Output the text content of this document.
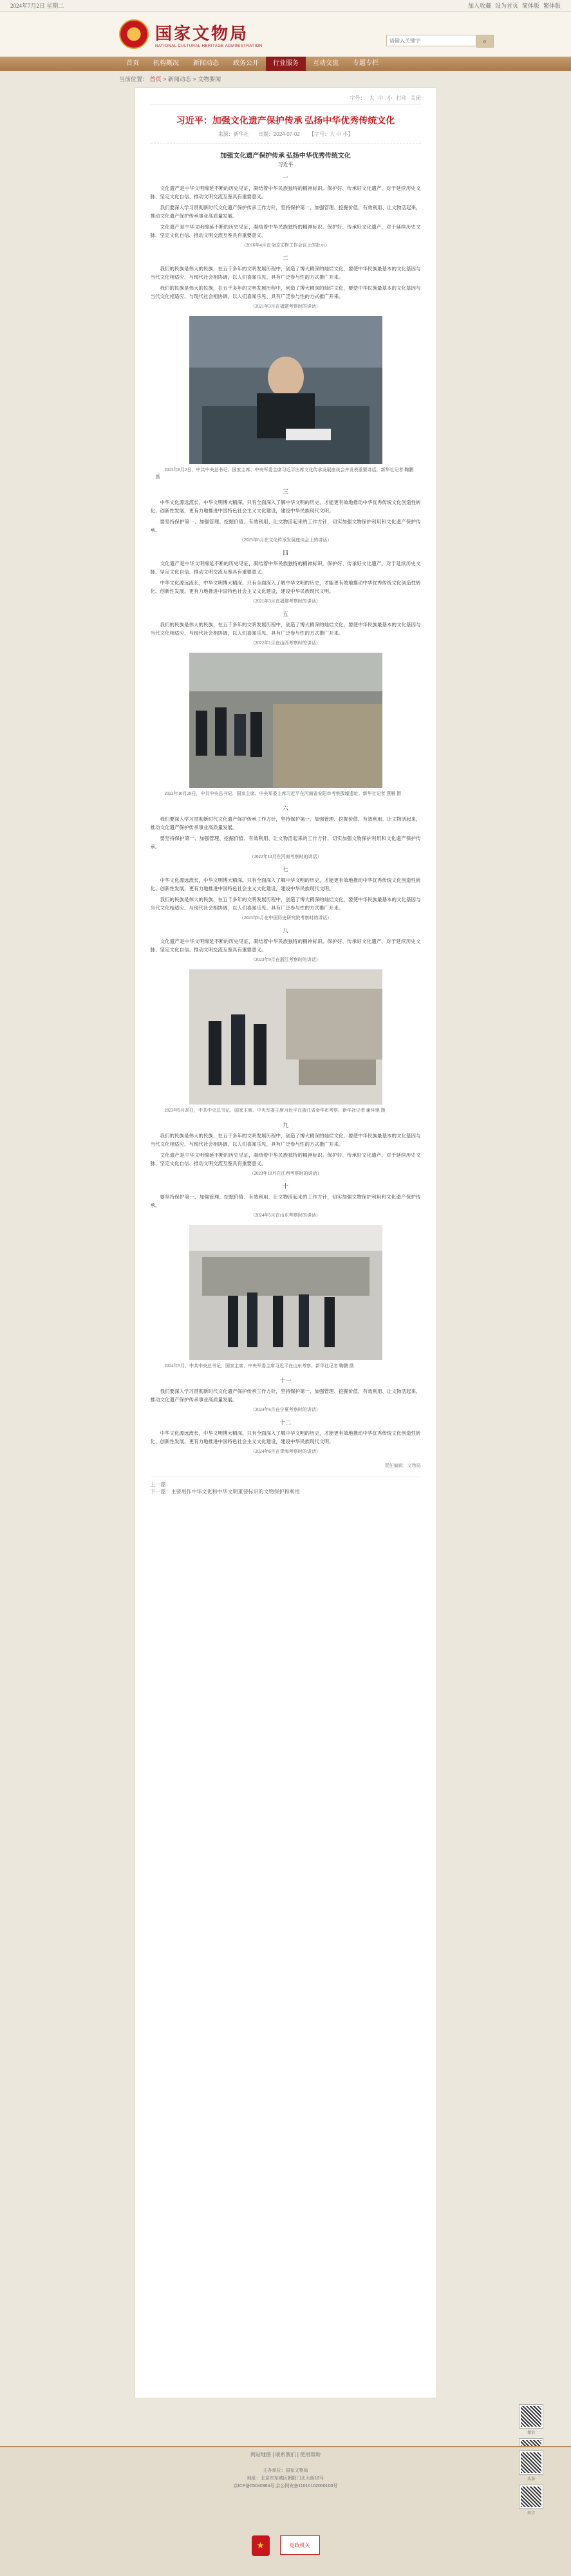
2024年7月2日 星期二	加入收藏 设为首页 简体版 繁体版
★ 国家文物局
NATIONAL CULTURAL HERITAGE ADMINISTRATION
请输入关键字
⌕
首页	机构概况	新闻动态	政务公开	行业服务	互动交流	专题专栏
当前位置： 首页 > 新闻动态 > 文物要闻
字号： 大 中 小 打印 关闭
习近平：加强文化遗产保护传承 弘扬中华优秀传统文化
来源：新华社 日期：2024-07-02 【字号：大 中 小】
加强文化遗产保护传承 弘扬中华优秀传统文化
习近平
一

文化遗产是中华文明绵延不断的历史见证，凝结着中华民族独特的精神标识。保护好、传承好文化遗产，对于延续历史文脉、坚定文化自信、推动文明交流互鉴具有重要意义。

我们要深入学习贯彻新时代文化遗产保护传承工作方针，坚持保护第一、加强管理、挖掘价值、有效利用、让文物活起来，推动文化遗产保护传承事业高质量发展。

文化遗产是中华文明绵延不断的历史见证，凝结着中华民族独特的精神标识。保护好、传承好文化遗产，对于延续历史文脉、坚定文化自信、推动文明交流互鉴具有重要意义。

（2016年4月在全国文物工作会议上的批示）
二

我们的民族是伟大的民族，在五千多年的文明发展历程中，创造了博大精深的灿烂文化，要使中华民族最基本的文化基因与当代文化相适应、与现代社会相协调，以人们喜闻乐见、具有广泛参与性的方式推广开来。

我们的民族是伟大的民族，在五千多年的文明发展历程中，创造了博大精深的灿烂文化，要使中华民族最基本的文化基因与当代文化相适应、与现代社会相协调，以人们喜闻乐见、具有广泛参与性的方式推广开来。

（2021年3月在福建考察时的讲话）

2023年6月2日，中共中央总书记、国家主席、中央军委主席习近平出席文化传承发展座谈会并发表重要讲话。新华社记者 鞠鹏 摄

三

中华文化源远流长，中华文明博大精深。只有全面深入了解中华文明的历史，才能更有效地推动中华优秀传统文化创造性转化、创新性发展，更有力地推进中国特色社会主义文化建设，建设中华民族现代文明。

要坚持保护第一、加强管理、挖掘价值、有效利用、让文物活起来的工作方针，切实加强文物保护利用和文化遗产保护传承。

（2023年6月在文化传承发展座谈会上的讲话）
四

文化遗产是中华文明绵延不断的历史见证，凝结着中华民族独特的精神标识。保护好、传承好文化遗产，对于延续历史文脉、坚定文化自信、推动文明交流互鉴具有重要意义。

中华文化源远流长，中华文明博大精深。只有全面深入了解中华文明的历史，才能更有效地推动中华优秀传统文化创造性转化、创新性发展，更有力地推进中国特色社会主义文化建设，建设中华民族现代文明。

（2021年3月在福建考察时的讲话）
五

我们的民族是伟大的民族，在五千多年的文明发展历程中，创造了博大精深的灿烂文化，要使中华民族最基本的文化基因与当代文化相适应、与现代社会相协调，以人们喜闻乐见、具有广泛参与性的方式推广开来。

（2022年1月在山西考察时的讲话）

2022年10月28日，中共中央总书记、国家主席、中央军委主席习近平在河南省安阳市考察殷墟遗址。新华社记者 燕雁 摄

六

我们要深入学习贯彻新时代文化遗产保护传承工作方针，坚持保护第一、加强管理、挖掘价值、有效利用、让文物活起来，推动文化遗产保护传承事业高质量发展。

要坚持保护第一、加强管理、挖掘价值、有效利用、让文物活起来的工作方针，切实加强文物保护利用和文化遗产保护传承。

（2022年10月在河南考察时的讲话）
七

中华文化源远流长，中华文明博大精深。只有全面深入了解中华文明的历史，才能更有效地推动中华优秀传统文化创造性转化、创新性发展，更有力地推进中国特色社会主义文化建设，建设中华民族现代文明。

我们的民族是伟大的民族，在五千多年的文明发展历程中，创造了博大精深的灿烂文化，要使中华民族最基本的文化基因与当代文化相适应、与现代社会相协调，以人们喜闻乐见、具有广泛参与性的方式推广开来。

（2023年6月在中国历史研究院考察时的讲话）
八

文化遗产是中华文明绵延不断的历史见证，凝结着中华民族独特的精神标识。保护好、传承好文化遗产，对于延续历史文脉、坚定文化自信、推动文明交流互鉴具有重要意义。

（2023年9月在浙江考察时的讲话）

2023年9月20日，中共中央总书记、国家主席、中央军委主席习近平在浙江省金华市考察。新华社记者 谢环驰 摄

九

我们的民族是伟大的民族，在五千多年的文明发展历程中，创造了博大精深的灿烂文化，要使中华民族最基本的文化基因与当代文化相适应、与现代社会相协调，以人们喜闻乐见、具有广泛参与性的方式推广开来。

文化遗产是中华文明绵延不断的历史见证，凝结着中华民族独特的精神标识。保护好、传承好文化遗产，对于延续历史文脉、坚定文化自信、推动文明交流互鉴具有重要意义。

（2023年10月在江西考察时的讲话）
十

要坚持保护第一、加强管理、挖掘价值、有效利用、让文物活起来的工作方针，切实加强文物保护利用和文化遗产保护传承。

（2024年5月在山东考察时的讲话）

2024年5月，中共中央总书记、国家主席、中央军委主席习近平在山东考察。新华社记者 鞠鹏 摄

十一

我们要深入学习贯彻新时代文化遗产保护传承工作方针，坚持保护第一、加强管理、挖掘价值、有效利用、让文物活起来，推动文化遗产保护传承事业高质量发展。

（2024年6月在宁夏考察时的讲话）
十二

中华文化源远流长，中华文明博大精深。只有全面深入了解中华文明的历史，才能更有效地推动中华优秀传统文化创造性转化、创新性发展，更有力地推进中国特色社会主义文化建设，建设中华民族现代文明。

（2024年6月在青海考察时的讲话）
责任编辑：文物局
上一篇：
下一篇：主要用作中华文化和中华文明重要标识的文物保护和利用
微信
网站地图 | 联系我们 | 使用帮助
主办单位：国家文物局
地址：北京市东城区朝阳门北大街10号
京ICP备05040364号 京公网安备11010102000100号
★	党政机关
头条
抖音
